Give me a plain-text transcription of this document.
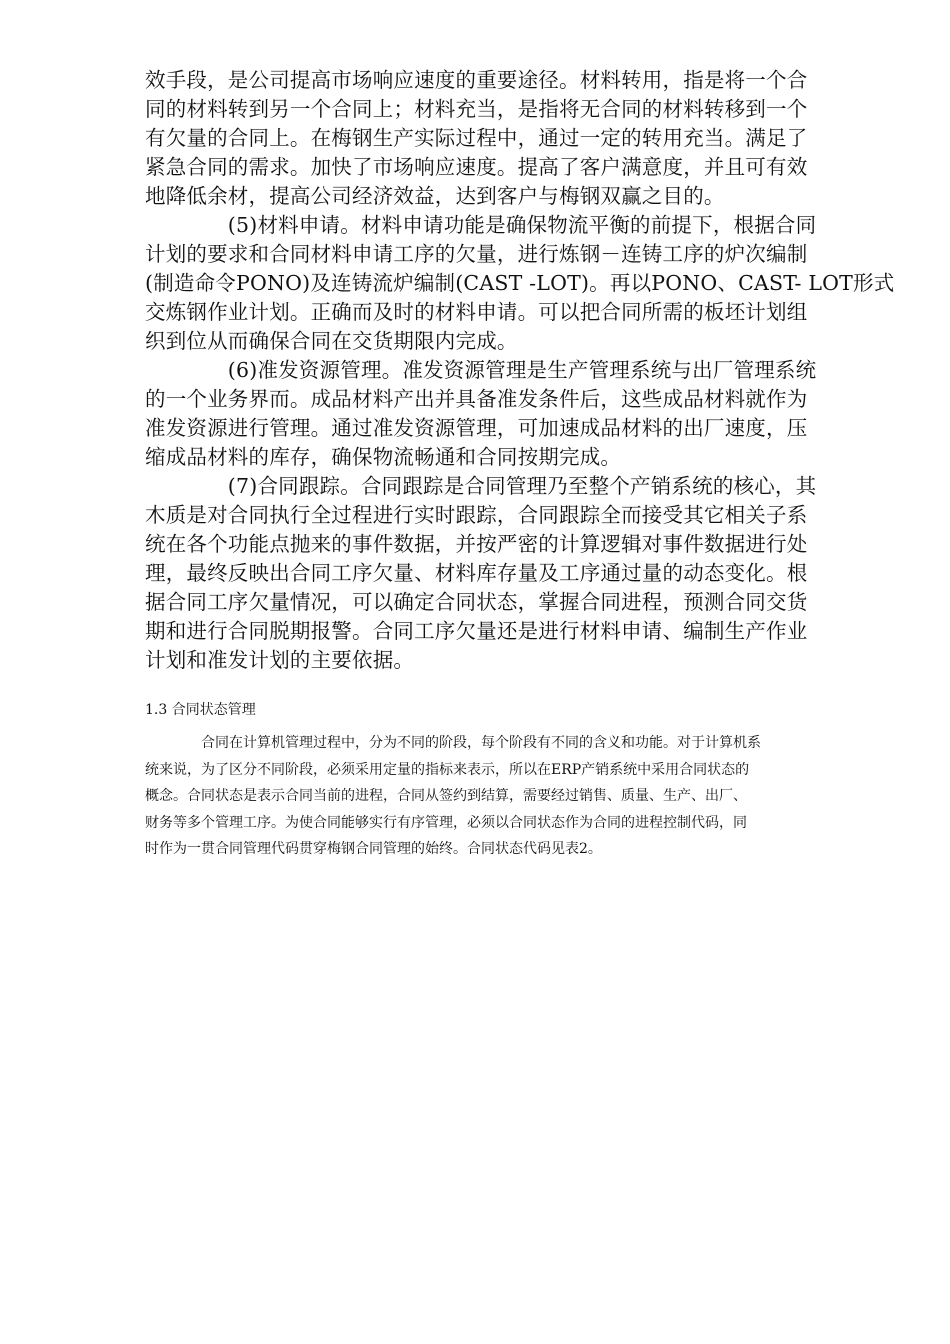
效手段，是公司提高市场响应速度的重要途径。材料转用，指是将一个合
同的材料转到另一个合同上；材料充当，是指将无合同的材料转移到一个
有欠量的合同上。在梅钢生产实际过程中，通过一定的转用充当。满足了
紧急合同的需求。加快了市场响应速度。提高了客户满意度，并且可有效
地降低余材，提高公司经济效益，达到客户与梅钢双赢之目的。
　　　　(5)材料申请。材料申请功能是确保物流平衡的前提下，根据合同
计划的要求和合同材料申请工序的欠量，进行炼钢－连铸工序的炉次编制
(制造命令PONO)及连铸流炉编制(CAST -LOT)。再以PONO、CAST- LOT形式
交炼钢作业计划。正确而及时的材料申请。可以把合同所需的板坯计划组
织到位从而确保合同在交货期限内完成。
　　　　(6)准发资源管理。准发资源管理是生产管理系统与出厂管理系统
的一个业务界而。成品材料产出并具备准发条件后，这些成品材料就作为
准发资源进行管理。通过准发资源管理，可加速成品材料的出厂速度，压
缩成品材料的库存，确保物流畅通和合同按期完成。
　　　　(7)合同跟踪。合同跟踪是合同管理乃至整个产销系统的核心，其
木质是对合同执行全过程进行实时跟踪，合同跟踪全而接受其它相关子系
统在各个功能点抛来的事件数据，并按严密的计算逻辑对事件数据进行处
理，最终反映出合同工序欠量、材料库存量及工序通过量的动态变化。根
据合同工序欠量情况，可以确定合同状态，掌握合同进程，预测合同交货
期和进行合同脱期报警。合同工序欠量还是进行材料申请、编制生产作业
计划和准发计划的主要依据。
1.3 合同状态管理
　　　　合同在计算机管理过程中，分为不同的阶段，每个阶段有不同的含义和功能。对于计算机系
统来说，为了区分不同阶段，必须采用定量的指标来表示，所以在ERP产销系统中采用合同状态的
概念。合同状态是表示合同当前的进程，合同从签约到结算，需要经过销售、质量、生产、出厂、
财务等多个管理工序。为使合同能够实行有序管理，必须以合同状态作为合同的进程控制代码，同
时作为一贯合同管理代码贯穿梅钢合同管理的始终。合同状态代码见表2。
